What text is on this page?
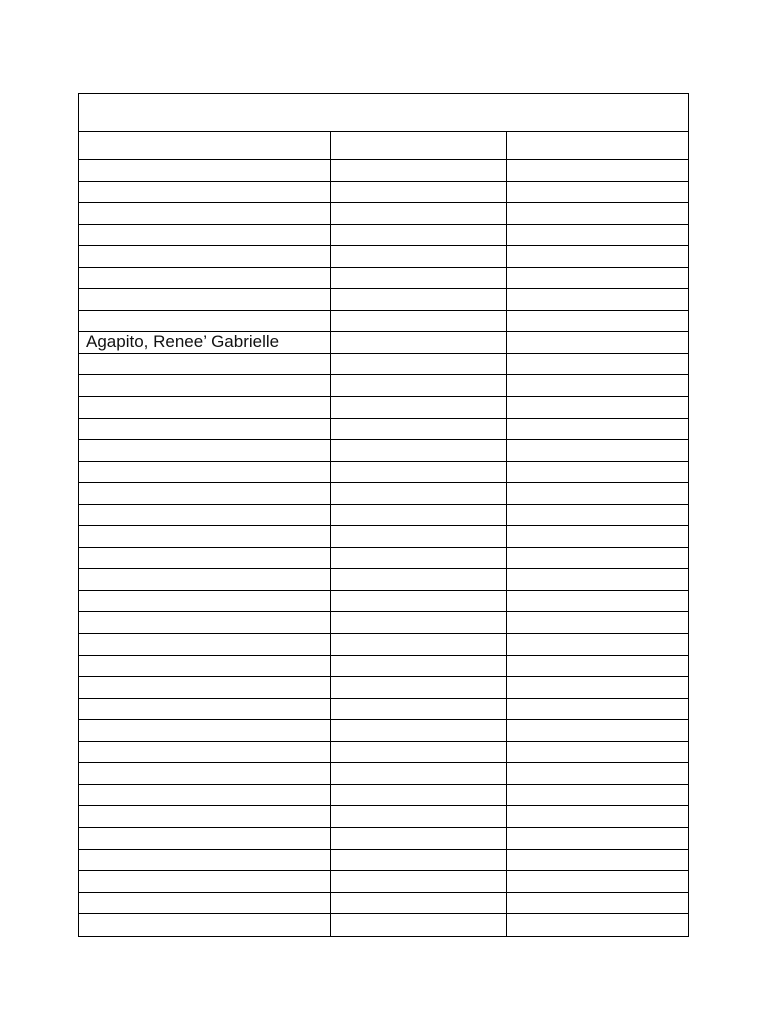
Agapito, Renee’ Gabrielle
